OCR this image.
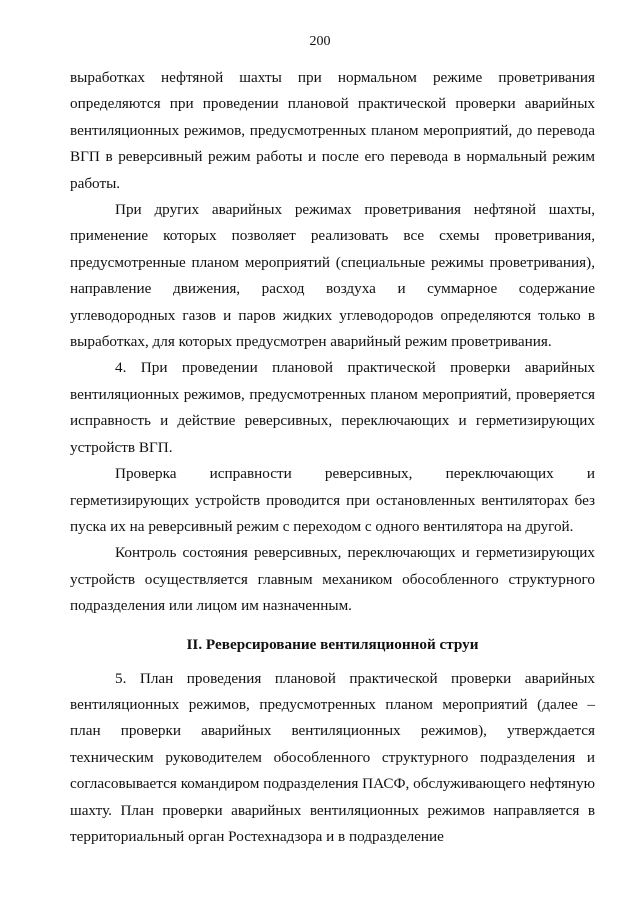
200

выработках нефтяной шахты при нормальном режиме проветривания определяются при проведении плановой практической проверки аварийных вентиляционных режимов, предусмотренных планом мероприятий, до перевода ВГП в реверсивный режим работы и после его перевода в нормальный режим работы.

При других аварийных режимах проветривания нефтяной шахты, применение которых позволяет реализовать все схемы проветривания, предусмотренные планом мероприятий (специальные режимы проветривания), направление движения, расход воздуха и суммарное содержание углеводородных газов и паров жидких углеводородов определяются только в выработках, для которых предусмотрен аварийный режим проветривания.

4. При проведении плановой практической проверки аварийных вентиляционных режимов, предусмотренных планом мероприятий, проверяется исправность и действие реверсивных, переключающих и герметизирующих устройств ВГП.

Проверка исправности реверсивных, переключающих и герметизирующих устройств проводится при остановленных вентиляторах без пуска их на реверсивный режим с переходом с одного вентилятора на другой.

Контроль состояния реверсивных, переключающих и герметизирующих устройств осуществляется главным механиком обособленного структурного подразделения или лицом им назначенным.

II. Реверсирование вентиляционной струи

5. План проведения плановой практической проверки аварийных вентиляционных режимов, предусмотренных планом мероприятий (далее – план проверки аварийных вентиляционных режимов), утверждается техническим руководителем обособленного структурного подразделения и согласовывается командиром подразделения ПАСФ, обслуживающего нефтяную шахту. План проверки аварийных вентиляционных режимов направляется в территориальный орган Ростехнадзора и в подразделение
